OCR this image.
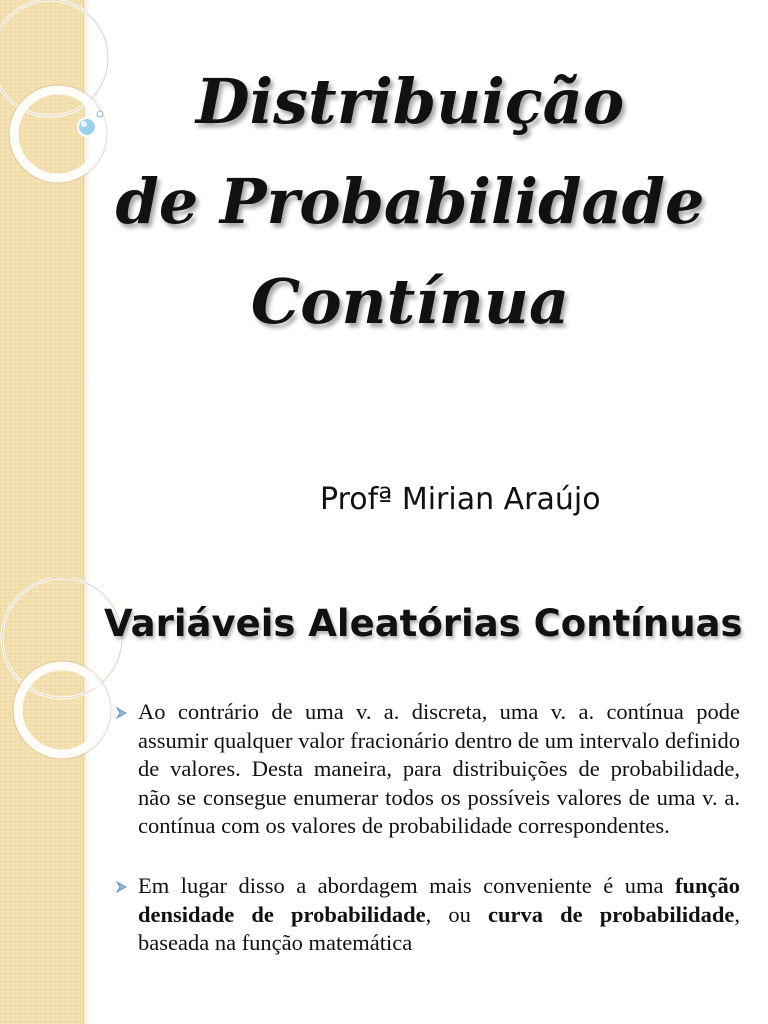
Distribuição
de Probabilidade
Contínua
Profª Mirian Araújo
Variáveis Aleatórias Contínuas
Ao contrário de uma v. a. discreta, uma v. a. contínua pode assumir qualquer valor fracionário dentro de um intervalo definido de valores. Desta maneira, para distribuições de probabilidade, não se consegue enumerar todos os possíveis valores de uma v. a. contínua com os valores de probabilidade correspondentes.
Em lugar disso a abordagem mais conveniente é uma função densidade de probabilidade, ou curva de probabilidade, baseada na função matemática
